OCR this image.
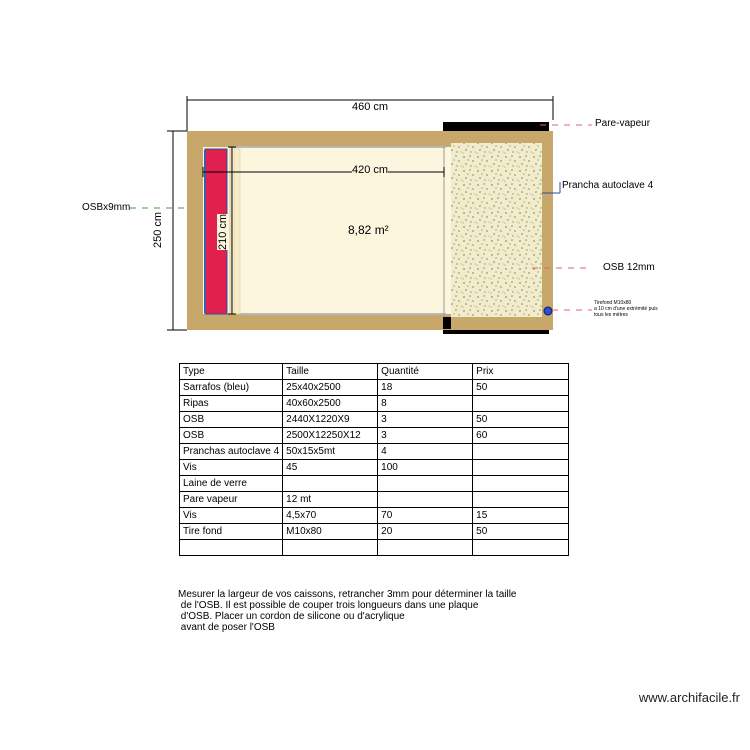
460 cm
420 cm
250 cm	210 cm	8,82 m²
Pare-vapeur
Prancha autoclave 4
OSBx9mm
OSB 12mm
Tirefond M10x80
a 10 cm d'une extrémité puis
tous les mètres
Type	Taille	Quantité	Prix
Sarrafos (bleu)	25x40x2500	18	50
Ripas	40x60x2500	8	
OSB	2440X1220X9	3	50
OSB	2500X12250X12	3	60
Pranchas autoclave 4	50x15x5mt	4	
Vis	45	100	
Laine de verre			
Pare vapeur	12 mt		
Vis	4,5x70	70	15
Tire fond	M10x80	20	50

Mesurer la largeur de vos caissons, retrancher 3mm pour déterminer la taille
de l'OSB. Il est possible de couper trois longueurs dans une plaque
d'OSB. Placer un cordon de silicone ou d'acrylique
avant de poser l'OSB
www.archifacile.fr
